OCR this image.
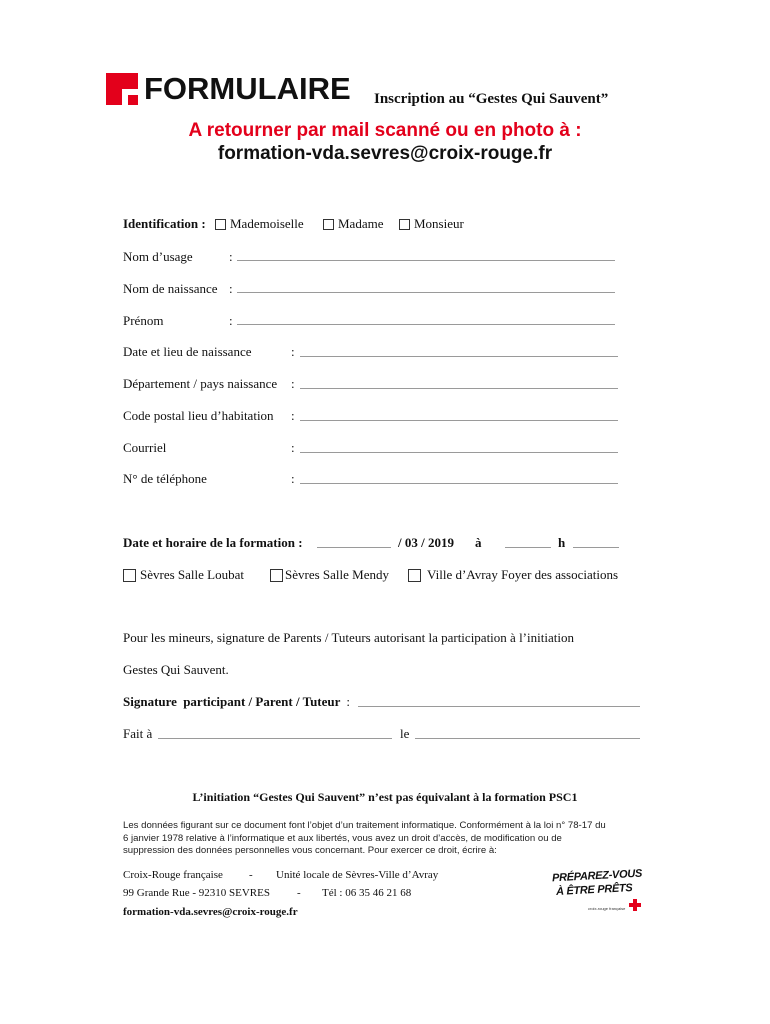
FORMULAIRE Inscription au “Gestes Qui Sauvent”
A retourner par mail scanné ou en photo à :
formation-vda.sevres@croix-rouge.fr
Identification :	Mademoiselle	Madame	Monsieur
Nom d’usage	:
Nom de naissance :
Prénom	:
Date et lieu de naissance	:
Département / pays naissance :
Code postal lieu d’habitation :
Courriel	:
N° de téléphone	:
Date et horaire de la formation :	/ 03 / 2019 à	h
Sèvres Salle Loubat	Sèvres Salle Mendy	Ville d’Avray Foyer des associations
Pour les mineurs, signature de Parents / Tuteurs autorisant la participation à l’initiation
Gestes Qui Sauvent.
Signature participant / Parent / Tuteur :
Fait à	le
L’initiation “Gestes Qui Sauvent” n’est pas équivalant à la formation PSC1
Les données figurant sur ce document font l’objet d’un traitement informatique. Conformément à la loi n° 78-17 du
6 janvier 1978 relative à l’informatique et aux libertés, vous avez un droit d’accès, de modification ou de
suppression des données personnelles vous concernant. Pour exercer ce droit, écrire à:
Croix-Rouge française - Unité locale de Sèvres-Ville d’Avray
99 Grande Rue - 92310 SEVRES - Tél : 06 35 46 21 68
formation-vda.sevres@croix-rouge.fr
PRÉPAREZ-VOUS
À ÊTRE PRÊTS
croix-rouge française
